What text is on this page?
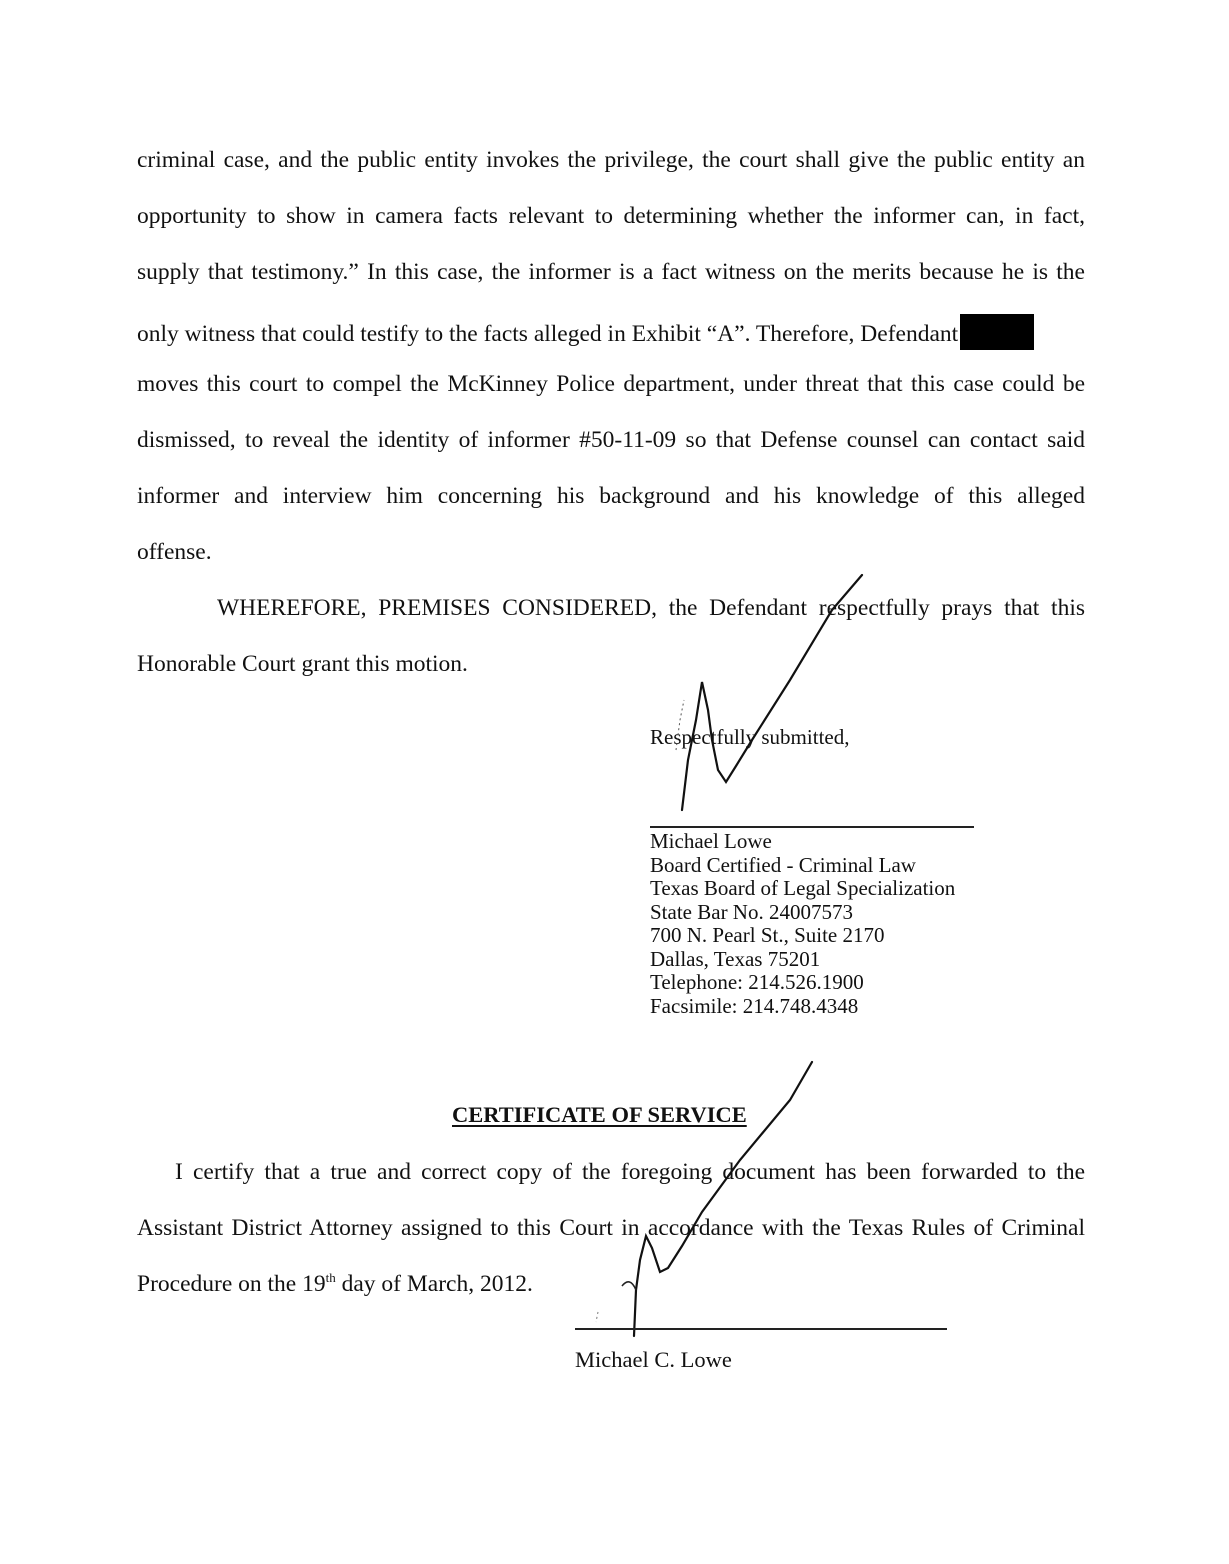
criminal case, and the public entity invokes the privilege, the court shall give the public entity an
opportunity to show in camera facts relevant to determining whether the informer can, in fact,
supply that testimony.” In this case, the informer is a fact witness on the merits because he is the
only witness that could testify to the facts alleged in Exhibit “A”. Therefore, Defendant
moves this court to compel the McKinney Police department, under threat that this case could be
dismissed, to reveal the identity of informer #50-11-09 so that Defense counsel can contact said
informer and interview him concerning his background and his knowledge of this alleged
offense.
WHEREFORE, PREMISES CONSIDERED, the Defendant respectfully prays that this
Honorable Court grant this motion.
Respectfully submitted,
Michael Lowe
Board Certified - Criminal Law
Texas Board of Legal Specialization
State Bar No. 24007573
700 N. Pearl St., Suite 2170
Dallas, Texas 75201
Telephone: 214.526.1900
Facsimile: 214.748.4348
CERTIFICATE OF SERVICE
I certify that a true and correct copy of the foregoing document has been forwarded to the
Assistant District Attorney assigned to this Court in accordance with the Texas Rules of Criminal
Procedure on the 19th day of March, 2012.
Michael C. Lowe
